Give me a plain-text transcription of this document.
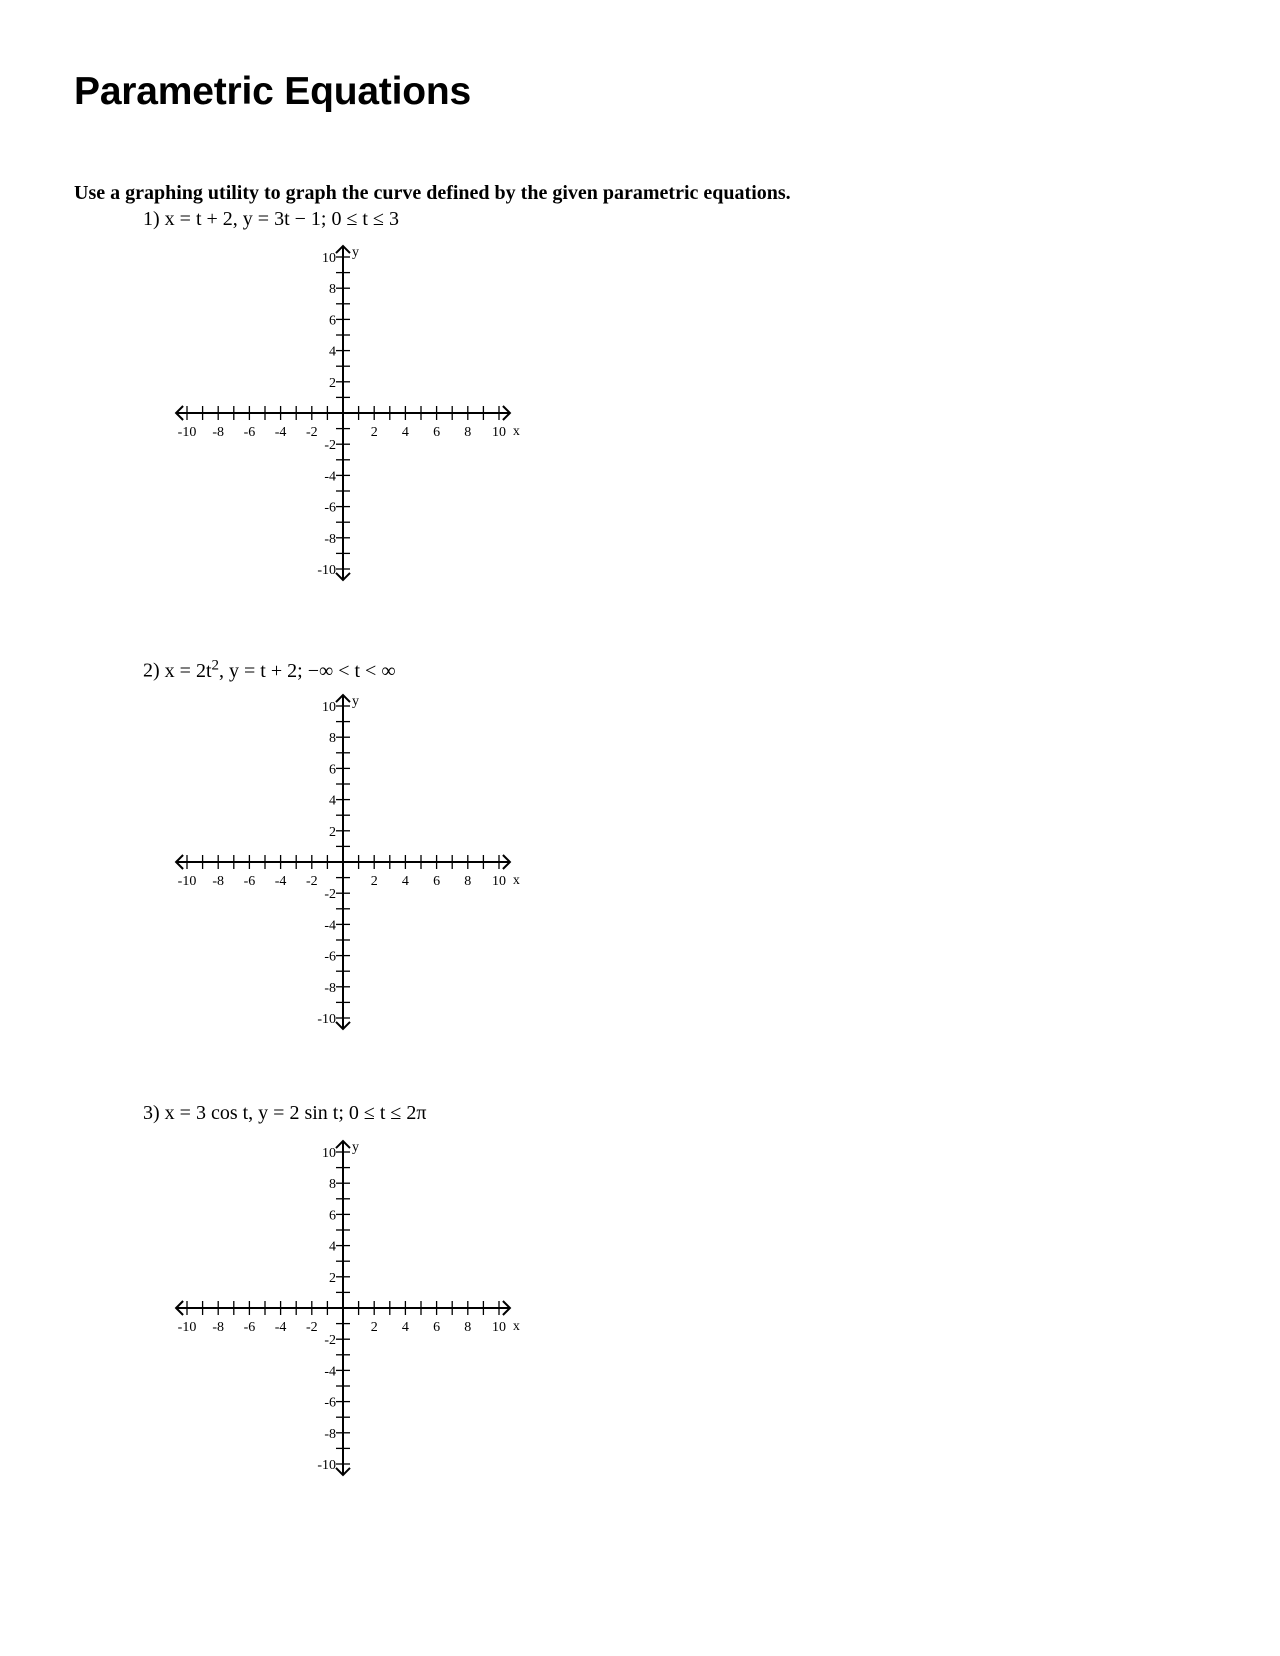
Parametric Equations

Use a graphing utility to graph the curve defined by the given parametric equations.

1) x = t + 2, y = 3t − 1; 0 ≤ t ≤ 3

-10 -8 -6 -4 -2	2 4 6 8 10
10
8
6
4
2
-2
-4
-6
-8
-10
x
y

2) $x = 2t^2$, y = t + 2; −∞ < t < ∞

-10 -8 -6 -4 -2	2 4 6 8 10
10
8
6
4
2
-2
-4
-6
-8
-10
x
y

3) x = 3 cos t, y = 2 sin t; 0 ≤ t ≤ 2π

-10 -8 -6 -4 -2	2 4 6 8 10
10
8
6
4
2
-2
-4
-6
-8
-10
x
y
